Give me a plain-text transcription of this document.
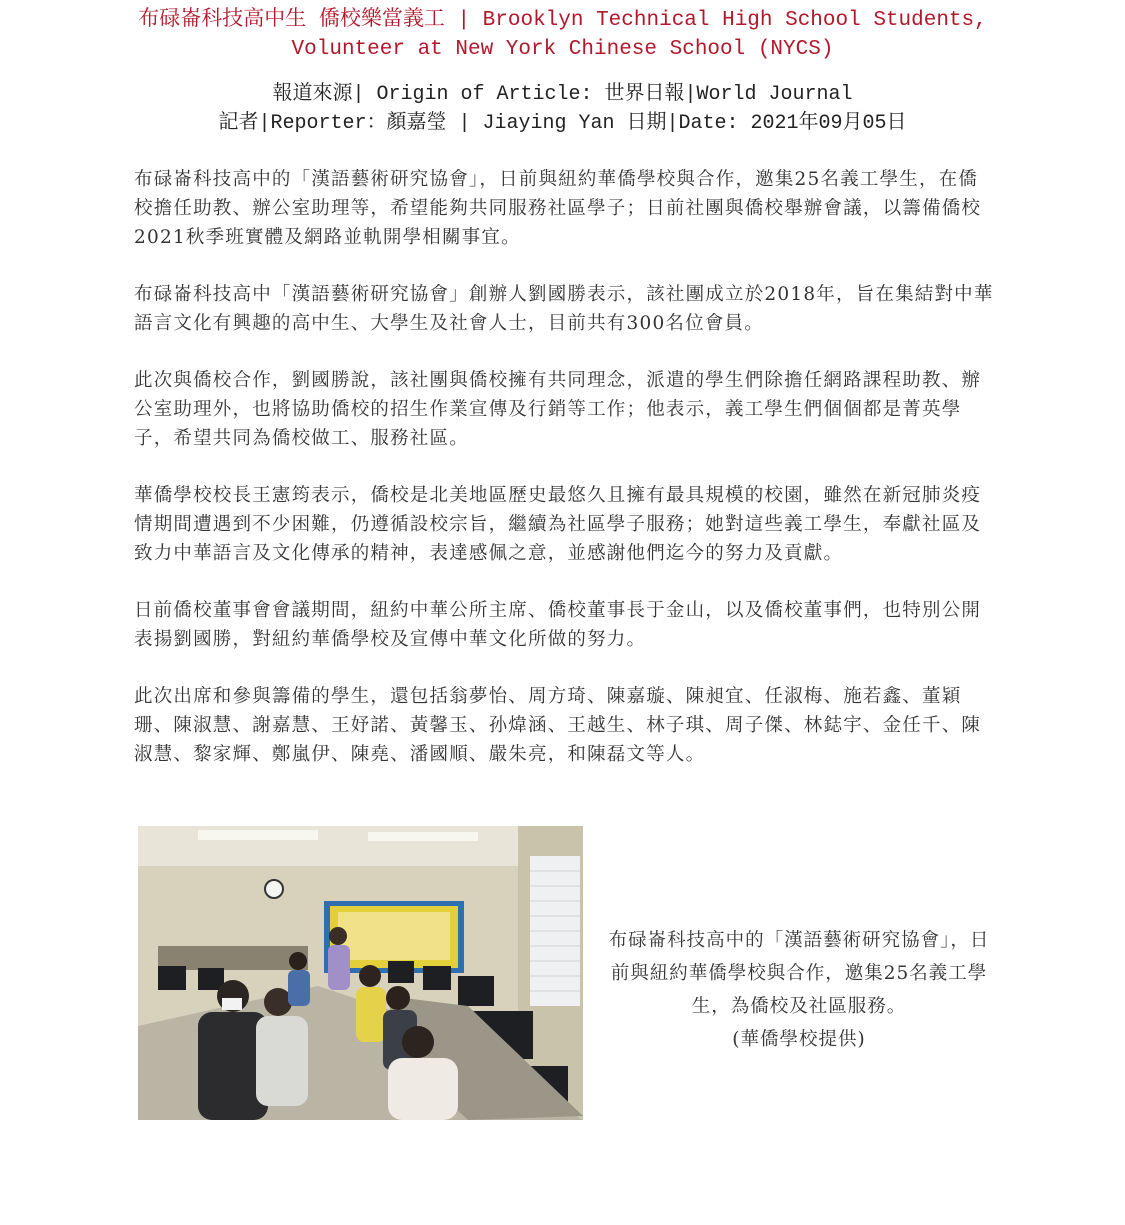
布碌崙科技高中生 僑校樂當義工 | Brooklyn Technical High School Students, Volunteer at New York Chinese School (NYCS)
報道來源| Origin of Article: 世界日報|World Journal
記者|Reporter：顏嘉瑩 | Jiaying Yan 日期|Date: 2021年09月05日

布碌崙科技高中的「漢語藝術研究協會」，日前與紐約華僑學校與合作，邀集25名義工學生，在僑校擔任助教、辦公室助理等，希望能夠共同服務社區學子；日前社團與僑校舉辦會議，以籌備僑校2021秋季班實體及網路並軌開學相關事宜。

布碌崙科技高中「漢語藝術研究協會」創辦人劉國勝表示，該社團成立於2018年，旨在集結對中華語言文化有興趣的高中生、大學生及社會人士，目前共有300名位會員。

此次與僑校合作，劉國勝說，該社團與僑校擁有共同理念，派遣的學生們除擔任網路課程助教、辦公室助理外，也將協助僑校的招生作業宣傳及行銷等工作；他表示，義工學生們個個都是菁英學子，希望共同為僑校做工、服務社區。

華僑學校校長王憲筠表示，僑校是北美地區歷史最悠久且擁有最具規模的校園，雖然在新冠肺炎疫情期間遭遇到不少困難，仍遵循設校宗旨，繼續為社區學子服務；她對這些義工學生，奉獻社區及致力中華語言及文化傳承的精神，表達感佩之意，並感謝他們迄今的努力及貢獻。

日前僑校董事會會議期間，紐約中華公所主席、僑校董事長于金山，以及僑校董事們，也特別公開表揚劉國勝，對紐約華僑學校及宣傳中華文化所做的努力。

此次出席和參與籌備的學生，還包括翁夢怡、周方琦、陳嘉璇、陳昶宜、任淑梅、施若鑫、董穎珊、陳淑慧、謝嘉慧、王妤諾、黃馨玉、孙煒涵、王越生、林子琪、周子傑、林鋕宇、金任千、陳淑慧、黎家輝、鄭嵐伊、陳堯、潘國順、嚴朱亮，和陳磊文等人。

布碌崙科技高中的「漢語藝術研究協會」，日前與紐約華僑學校與合作，邀集25名義工學生，為僑校及社區服務。
(華僑學校提供)
